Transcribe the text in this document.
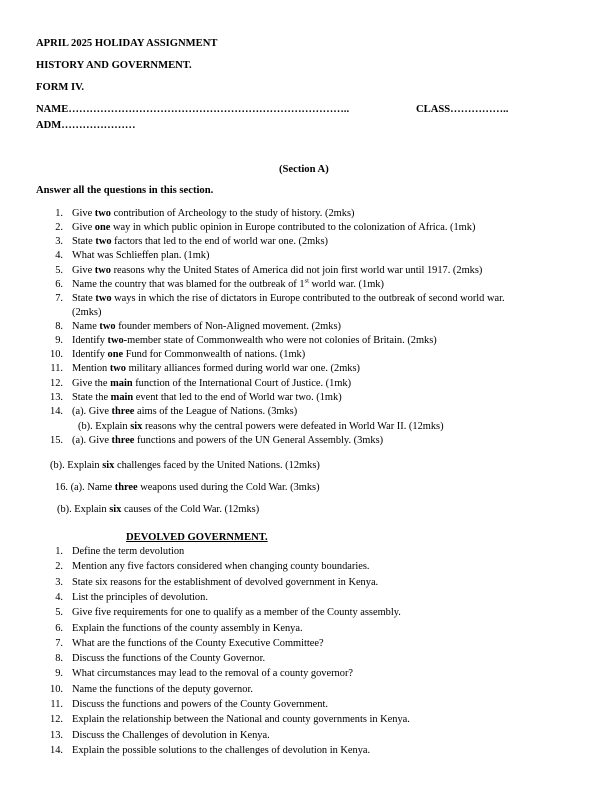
APRIL 2025 HOLIDAY ASSIGNMENT
HISTORY AND GOVERNMENT.
FORM IV.
NAME……………………………………………………………………..	CLASS……………..
ADM…………………
(Section A)
Answer all the questions in this section.
1. Give two contribution of Archeology to the study of history. (2mks)
2. Give one way in which public opinion in Europe contributed to the colonization of Africa. (1mk)
3. State two factors that led to the end of world war one. (2mks)
4. What was Schlieffen plan. (1mk)
5. Give two reasons why the United States of America did not join first world war until 1917. (2mks)
6. Name the country that was blamed for the outbreak of 1st world war. (1mk)
7. State two ways in which the rise of dictators in Europe contributed to the outbreak of second world war.
(2mks)
8. Name two founder members of Non-Aligned movement. (2mks)
9. Identify two-member state of Commonwealth who were not colonies of Britain. (2mks)
10. Identify one Fund for Commonwealth of nations. (1mk)
11. Mention two military alliances formed during world war one. (2mks)
12. Give the main function of the International Court of Justice. (1mk)
13. State the main event that led to the end of World war two. (1mk)
14. (a). Give three aims of the League of Nations. (3mks)
(b). Explain six reasons why the central powers were defeated in World War II. (12mks)
15. (a). Give three functions and powers of the UN General Assembly. (3mks)
(b). Explain six challenges faced by the United Nations. (12mks)
16. (a). Name three weapons used during the Cold War. (3mks)
(b). Explain six causes of the Cold War. (12mks)
DEVOLVED GOVERNMENT.
1. Define the term devolution
2. Mention any five factors considered when changing county boundaries.
3. State six reasons for the establishment of devolved government in Kenya.
4. List the principles of devolution.
5. Give five requirements for one to qualify as a member of the County assembly.
6. Explain the functions of the county assembly in Kenya.
7. What are the functions of the County Executive Committee?
8. Discuss the functions of the County Governor.
9. What circumstances may lead to the removal of a county governor?
10. Name the functions of the deputy governor.
11. Discuss the functions and powers of the County Government.
12. Explain the relationship between the National and county governments in Kenya.
13. Discuss the Challenges of devolution in Kenya.
14. Explain the possible solutions to the challenges of devolution in Kenya.
